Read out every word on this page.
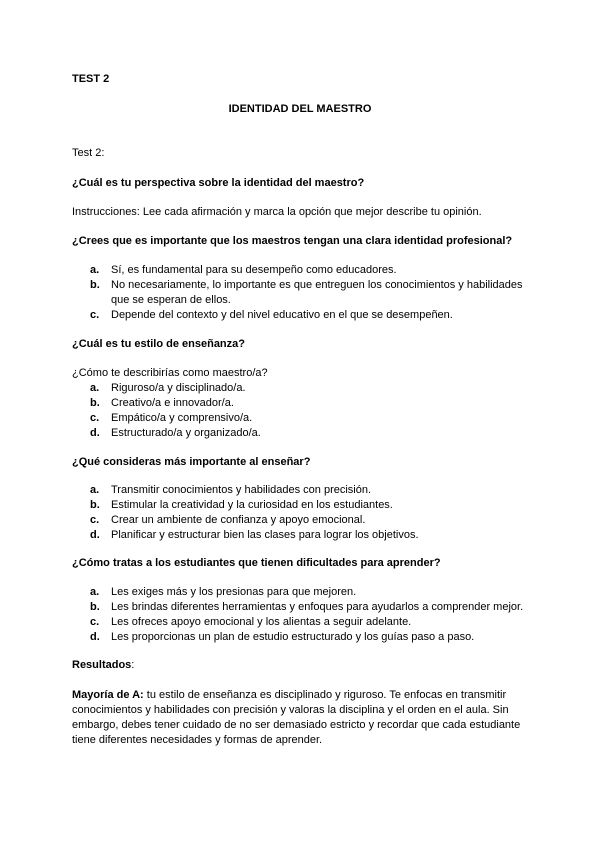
TEST 2

IDENTIDAD DEL MAESTRO

Test 2:

¿Cuál es tu perspectiva sobre la identidad del maestro?

Instrucciones: Lee cada afirmación y marca la opción que mejor describe tu opinión.

¿Crees que es importante que los maestros tengan una clara identidad profesional?

a. Sí, es fundamental para su desempeño como educadores.
b. No necesariamente, lo importante es que entreguen los conocimientos y habilidades que se esperan de ellos.
c. Depende del contexto y del nivel educativo en el que se desempeñen.

¿Cuál es tu estilo de enseñanza?

¿Cómo te describirías como maestro/a?

a. Riguroso/a y disciplinado/a.
b. Creativo/a e innovador/a.
c. Empático/a y comprensivo/a.
d. Estructurado/a y organizado/a.

¿Qué consideras más importante al enseñar?

a. Transmitir conocimientos y habilidades con precisión.
b. Estimular la creatividad y la curiosidad en los estudiantes.
c. Crear un ambiente de confianza y apoyo emocional.
d. Planificar y estructurar bien las clases para lograr los objetivos.

¿Cómo tratas a los estudiantes que tienen dificultades para aprender?

a. Les exiges más y los presionas para que mejoren.
b. Les brindas diferentes herramientas y enfoques para ayudarlos a comprender mejor.
c. Les ofreces apoyo emocional y los alientas a seguir adelante.
d. Les proporcionas un plan de estudio estructurado y los guías paso a paso.

Resultados:

Mayoría de A: tu estilo de enseñanza es disciplinado y riguroso. Te enfocas en transmitir conocimientos y habilidades con precisión y valoras la disciplina y el orden en el aula. Sin embargo, debes tener cuidado de no ser demasiado estricto y recordar que cada estudiante tiene diferentes necesidades y formas de aprender.
